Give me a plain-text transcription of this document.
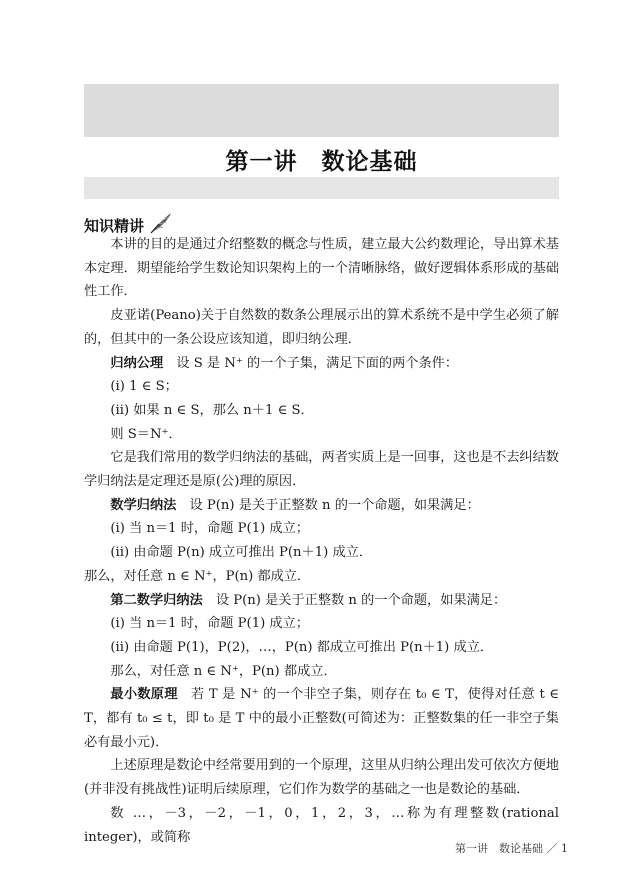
第一讲　数论基础
知识精讲

本讲的目的是通过介绍整数的概念与性质，建立最大公约数理论，导出算术基本定理．期望能给学生数论知识架构上的一个清晰脉络，做好逻辑体系形成的基础性工作．

皮亚诺(Peano)关于自然数的数条公理展示出的算术系统不是中学生必须了解的，但其中的一条公设应该知道，即归纳公理．

归纳公理 设 S 是 N⁺ 的一个子集，满足下面的两个条件：
(i) 1 ∈ S；
(ii) 如果 n ∈ S，那么 n＋1 ∈ S．
则 S＝N⁺．

它是我们常用的数学归纳法的基础，两者实质上是一回事，这也是不去纠结数学归纳法是定理还是原(公)理的原因．

数学归纳法 设 P(n) 是关于正整数 n 的一个命题，如果满足：
(i) 当 n＝1 时，命题 P(1) 成立；
(ii) 由命题 P(n) 成立可推出 P(n＋1) 成立．
那么，对任意 n ∈ N⁺，P(n) 都成立．
第二数学归纳法 设 P(n) 是关于正整数 n 的一个命题，如果满足：
(i) 当 n＝1 时，命题 P(1) 成立；
(ii) 由命题 P(1)，P(2)，…，P(n) 都成立可推出 P(n＋1) 成立．
那么，对任意 n ∈ N⁺，P(n) 都成立．

最小数原理 若 T 是 N⁺ 的一个非空子集，则存在 t₀ ∈ T，使得对任意 t ∈ T，都有 t₀ ≤ t，即 t₀ 是 T 中的最小正整数(可简述为：正整数集的任一非空子集必有最小元)．

上述原理是数论中经常要用到的一个原理，这里从归纳公理出发可依次方便地(并非没有挑战性)证明后续原理，它们作为数学的基础之一也是数论的基础．

数 …，－3，－2，－1，0，1，2，3，…称为有理整数(rational integer)，或简称

第一讲　数论基础 ／ 1
